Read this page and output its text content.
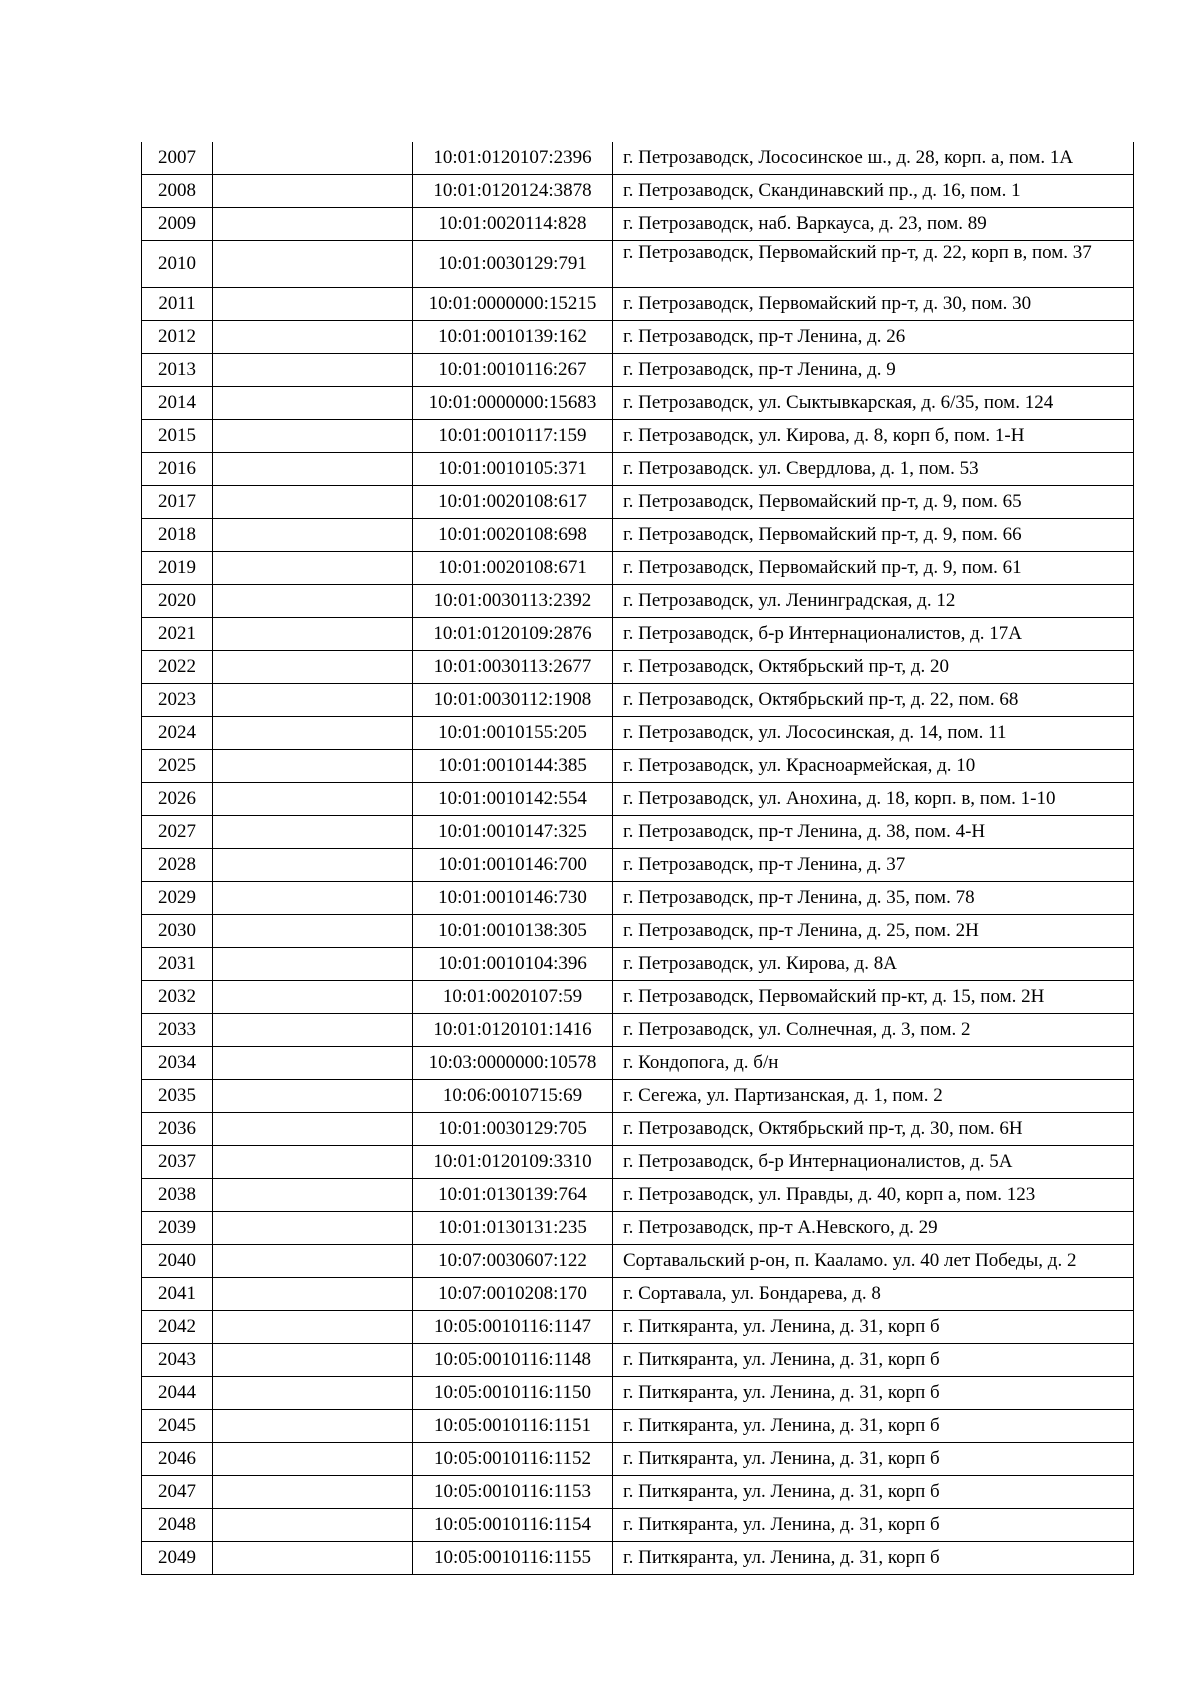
2007		10:01:0120107:2396	г. Петрозаводск, Лососинское ш., д. 28, корп. а, пом. 1А
2008		10:01:0120124:3878	г. Петрозаводск, Скандинавский пр., д. 16, пом. 1
2009		10:01:0020114:828	г. Петрозаводск, наб. Варкауса, д. 23, пом. 89
2010		10:01:0030129:791	г. Петрозаводск, Первомайский пр-т, д. 22, корп в, пом. 37
2011		10:01:0000000:15215	г. Петрозаводск, Первомайский пр-т, д. 30, пом. 30
2012		10:01:0010139:162	г. Петрозаводск, пр-т Ленина, д. 26
2013		10:01:0010116:267	г. Петрозаводск, пр-т Ленина, д. 9
2014		10:01:0000000:15683	г. Петрозаводск, ул. Сыктывкарская, д. 6/35, пом. 124
2015		10:01:0010117:159	г. Петрозаводск, ул. Кирова, д. 8, корп б, пом. 1-Н
2016		10:01:0010105:371	г. Петрозаводск. ул. Свердлова, д. 1, пом. 53
2017		10:01:0020108:617	г. Петрозаводск, Первомайский пр-т, д. 9, пом. 65
2018		10:01:0020108:698	г. Петрозаводск, Первомайский пр-т, д. 9, пом. 66
2019		10:01:0020108:671	г. Петрозаводск, Первомайский пр-т, д. 9, пом. 61
2020		10:01:0030113:2392	г. Петрозаводск, ул. Ленинградская, д. 12
2021		10:01:0120109:2876	г. Петрозаводск, б-р Интернационалистов, д. 17А
2022		10:01:0030113:2677	г. Петрозаводск, Октябрьский пр-т, д. 20
2023		10:01:0030112:1908	г. Петрозаводск, Октябрьский пр-т, д. 22, пом. 68
2024		10:01:0010155:205	г. Петрозаводск, ул. Лососинская, д. 14, пом. 11
2025		10:01:0010144:385	г. Петрозаводск, ул. Красноармейская, д. 10
2026		10:01:0010142:554	г. Петрозаводск, ул. Анохина, д. 18, корп. в, пом. 1-10
2027		10:01:0010147:325	г. Петрозаводск, пр-т Ленина, д. 38, пом. 4-Н
2028		10:01:0010146:700	г. Петрозаводск, пр-т Ленина, д. 37
2029		10:01:0010146:730	г. Петрозаводск, пр-т Ленина, д. 35, пом. 78
2030		10:01:0010138:305	г. Петрозаводск, пр-т Ленина, д. 25, пом. 2Н
2031		10:01:0010104:396	г. Петрозаводск, ул. Кирова, д. 8А
2032		10:01:0020107:59	г. Петрозаводск, Первомайский пр-кт, д. 15, пом. 2Н
2033		10:01:0120101:1416	г. Петрозаводск, ул. Солнечная, д. 3, пом. 2
2034		10:03:0000000:10578	г. Кондопога, д. б/н
2035		10:06:0010715:69	г. Сегежа, ул. Партизанская, д. 1, пом. 2
2036		10:01:0030129:705	г. Петрозаводск, Октябрьский пр-т, д. 30, пом. 6Н
2037		10:01:0120109:3310	г. Петрозаводск, б-р Интернационалистов, д. 5А
2038		10:01:0130139:764	г. Петрозаводск, ул. Правды, д. 40, корп а, пом. 123
2039		10:01:0130131:235	г. Петрозаводск, пр-т А.Невского, д. 29
2040		10:07:0030607:122	Сортавальский р-он, п. Кааламо. ул. 40 лет Победы, д. 2
2041		10:07:0010208:170	г. Сортавала, ул. Бондарева, д. 8
2042		10:05:0010116:1147	г. Питкяранта, ул. Ленина, д. 31, корп б
2043		10:05:0010116:1148	г. Питкяранта, ул. Ленина, д. 31, корп б
2044		10:05:0010116:1150	г. Питкяранта, ул. Ленина, д. 31, корп б
2045		10:05:0010116:1151	г. Питкяранта, ул. Ленина, д. 31, корп б
2046		10:05:0010116:1152	г. Питкяранта, ул. Ленина, д. 31, корп б
2047		10:05:0010116:1153	г. Питкяранта, ул. Ленина, д. 31, корп б
2048		10:05:0010116:1154	г. Питкяранта, ул. Ленина, д. 31, корп б
2049		10:05:0010116:1155	г. Питкяранта, ул. Ленина, д. 31, корп б
